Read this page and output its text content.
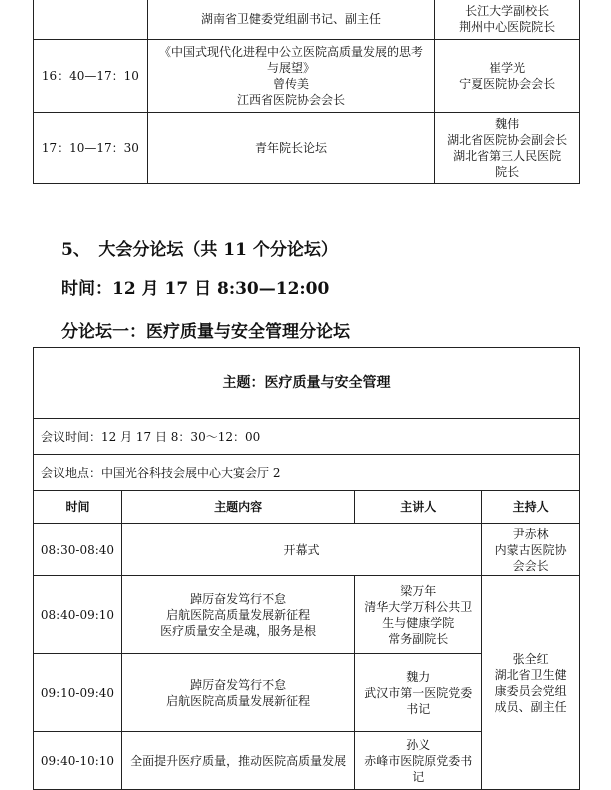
	湖南省卫健委党组副书记、副主任	长江大学副校长
荆州中心医院院长

16：40—17：10	《中国式现代化进程中公立医院高质量发展的思考
与展望》
曾传美
江西省医院协会会长	崔学光
宁夏医院协会会长

17：10—17：30	青年院长论坛	魏伟
湖北省医院协会副会长
湖北省第三人民医院
院长
5、　大会分论坛（共 11 个分论坛）
时间：12 月 17 日 8:30—12:00
分论坛一：医疗质量与安全管理分论坛
主题：医疗质量与安全管理			
会议时间：12 月 17 日 8：30～12：00			
会议地点：中国光谷科技会展中心大宴会厅 2			
时间	主题内容	主讲人	主持人
08:30-08:40	开幕式		尹赤林
内蒙古医院协
会会长

08:40-09:10	踔厉奋发笃行不怠
启航医院高质量发展新征程
医疗质量安全是魂，服务是根	梁万年
清华大学万科公共卫
生与健康学院
常务副院长	张全红
湖北省卫生健
康委员会党组
成员、副主任

09:10-09:40	踔厉奋发笃行不怠
启航医院高质量发展新征程	魏力
武汉市第一医院党委
书记	

09:40-10:10	全面提升医疗质量，推动医院高质量发展	孙义
赤峰市医院原党委书
记	
